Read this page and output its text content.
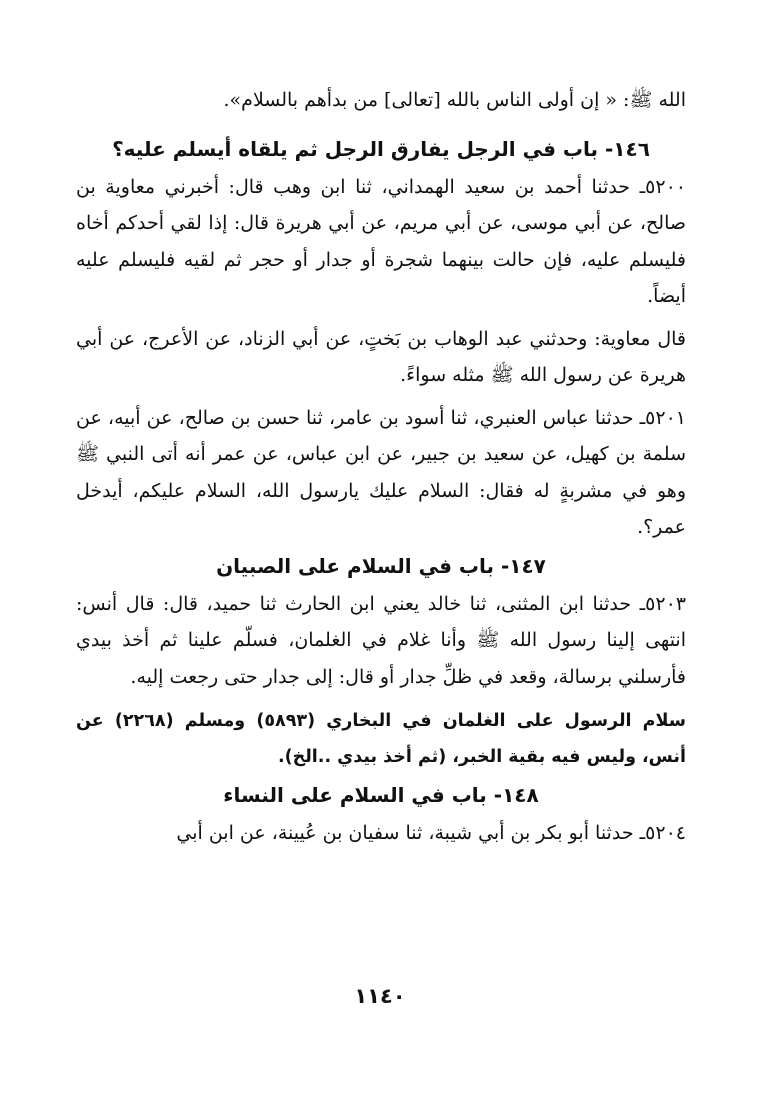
الله ﷺ: « إن أولى الناس بالله [تعالى] من بدأهم بالسلام».

١٤٦- باب في الرجل يفارق الرجل ثم يلقاه أيسلم عليه؟

٥٢٠٠ـ حدثنا أحمد بن سعيد الهمداني، ثنا ابن وهب قال: أخبرني معاوية بن صالح، عن أبي موسى، عن أبي مريم، عن أبي هريرة قال: إذا لقي أحدكم أخاه فليسلم عليه، فإن حالت بينهما شجرة أو جدار أو حجر ثم لقيه فليسلم عليه أيضاً.

قال معاوية: وحدثني عبد الوهاب بن بَختٍ، عن أبي الزناد، عن الأعرج، عن أبي هريرة عن رسول الله ﷺ مثله سواءً.

٥٢٠١ـ حدثنا عباس العنبري، ثنا أسود بن عامر، ثنا حسن بن صالح، عن أبيه، عن سلمة بن كهيل، عن سعيد بن جبير، عن ابن عباس، عن عمر أنه أتى النبي ﷺ وهو في مشربةٍ له فقال: السلام عليك يارسول الله، السلام عليكم، أيدخل عمر؟.

١٤٧- باب في السلام على الصبيان

٥٢٠٣ـ حدثنا ابن المثنى، ثنا خالد يعني ابن الحارث ثنا حميد، قال: قال أنس: انتهى إلينا رسول الله ﷺ وأنا غلام في الغلمان، فسلّم علينا ثم أخذ بيدي فأرسلني برسالة، وقعد في ظلِّ جدار أو قال: إلى جدار حتى رجعت إليه.

سلام الرسول على الغلمان في البخاري (٥٨٩٣) ومسلم (٢٢٦٨) عن أنس، وليس فيه بقية الخبر، (ثم أخذ بيدي ..الخ).

١٤٨- باب في السلام على النساء

٥٢٠٤ـ حدثنا أبو بكر بن أبي شيبة، ثنا سفيان بن عُيينة، عن ابن أبي

١١٤٠
